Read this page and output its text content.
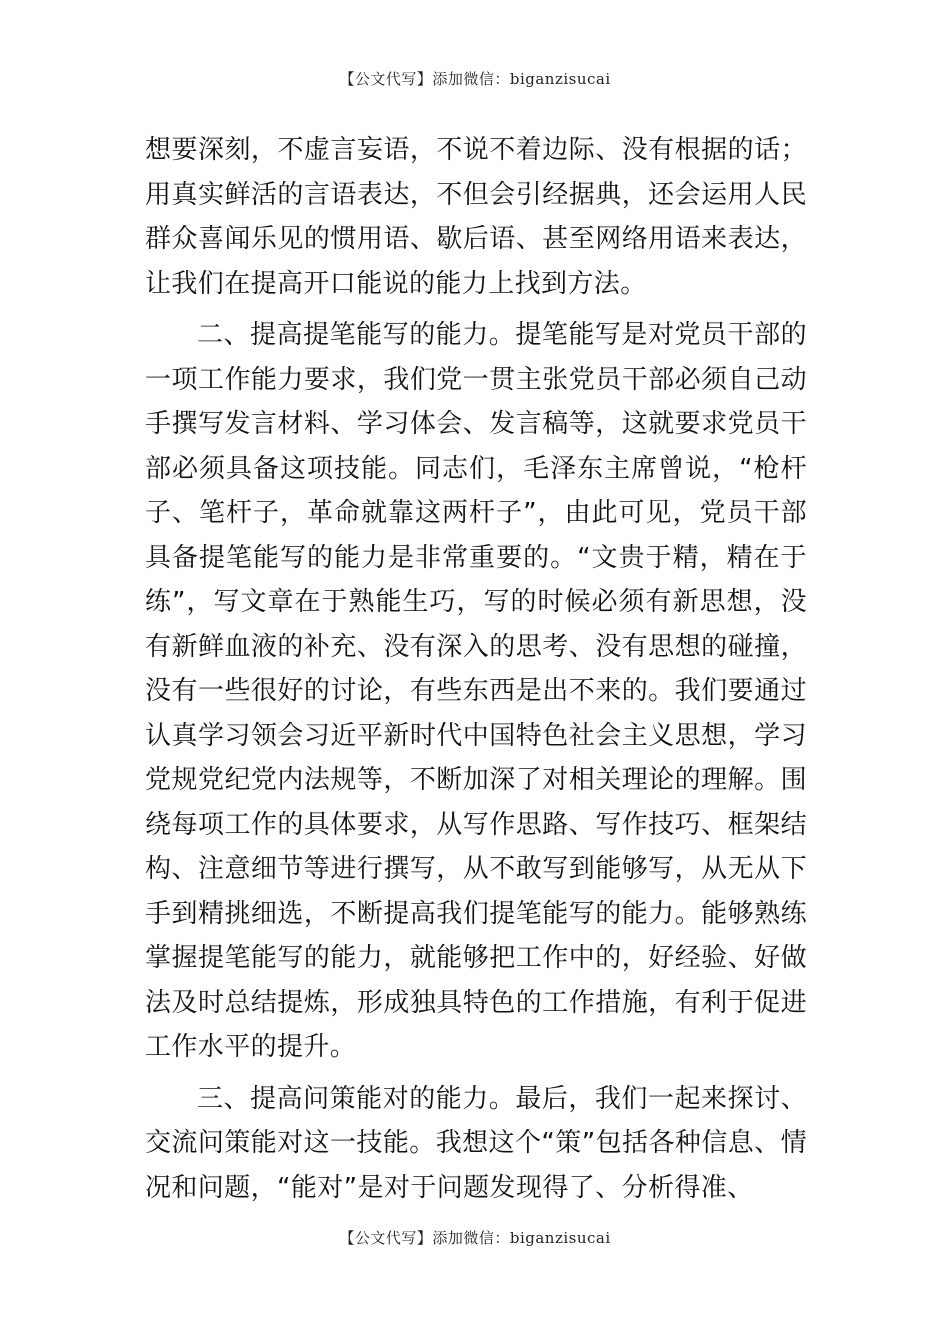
【公文代写】添加微信：biganzisucai

想要深刻，不虚言妄语，不说不着边际、没有根据的话；用真实鲜活的言语表达，不但会引经据典，还会运用人民群众喜闻乐见的惯用语、歇后语、甚至网络用语来表达，让我们在提高开口能说的能力上找到方法。

二、提高提笔能写的能力。提笔能写是对党员干部的一项工作能力要求，我们党一贯主张党员干部必须自己动手撰写发言材料、学习体会、发言稿等，这就要求党员干部必须具备这项技能。同志们，毛泽东主席曾说，“枪杆子、笔杆子，革命就靠这两杆子”，由此可见，党员干部具备提笔能写的能力是非常重要的。“文贵于精，精在于练”，写文章在于熟能生巧，写的时候必须有新思想，没有新鲜血液的补充、没有深入的思考、没有思想的碰撞，没有一些很好的讨论，有些东西是出不来的。我们要通过认真学习领会习近平新时代中国特色社会主义思想，学习党规党纪党内法规等，不断加深了对相关理论的理解。围绕每项工作的具体要求，从写作思路、写作技巧、框架结构、注意细节等进行撰写，从不敢写到能够写，从无从下手到精挑细选，不断提高我们提笔能写的能力。能够熟练掌握提笔能写的能力，就能够把工作中的，好经验、好做法及时总结提炼，形成独具特色的工作措施，有利于促进工作水平的提升。

三、提高问策能对的能力。最后，我们一起来探讨、交流问策能对这一技能。我想这个“策”包括各种信息、情况和问题，“能对”是对于问题发现得了、分析得准、

【公文代写】添加微信：biganzisucai
